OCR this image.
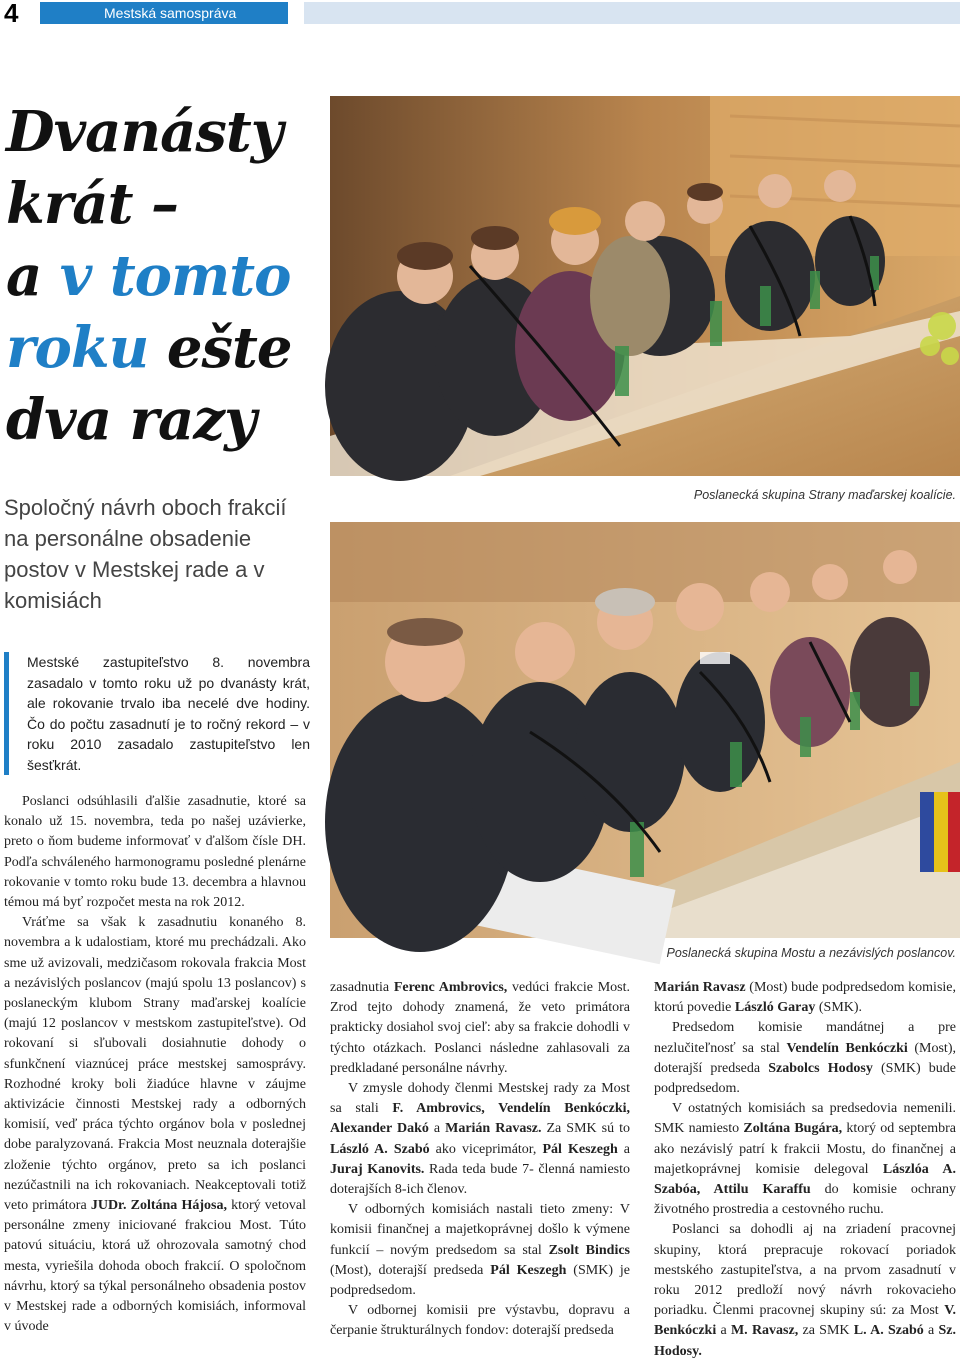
4	Mestská samospráva
Dvanásty
krát –
a v tomto
roku ešte
dva razy
Spoločný návrh oboch frakcií na personálne obsadenie postov v Mestskej rade a v komisiách
Poslanecká skupina Strany maďarskej koalície.
Poslanecká skupina Mostu a nezávislých poslancov.
Mestské zastupiteľstvo 8. novembra zasadalo v tomto roku už po dvanásty krát, ale rokovanie trvalo iba necelé dve hodiny. Čo do počtu zasadnutí je to ročný rekord – v roku 2010 zasadalo zastupiteľstvo len šesťkrát.

Poslanci odsúhlasili ďalšie zasadnutie, ktoré sa konalo už 15. novembra, teda po našej uzávierke, preto o ňom budeme informovať v ďalšom čísle DH. Podľa schváleného harmonogramu posledné plenárne rokovanie v tomto roku bude 13. decembra a hlavnou témou má byť rozpočet mesta na rok 2012.

Vráťme sa však k zasadnutiu konaného 8. novembra a k udalostiam, ktoré mu prechádzali. Ako sme už avizovali, medzičasom rokovala frakcia Most a nezávislých poslancov (majú spolu 13 poslancov) s poslaneckým klubom Strany maďarskej koalície (majú 12 poslancov v mestskom zastupiteľstve). Od rokovaní si sľubovali dosiahnutie dohody o sfunkčnení viaznúcej práce mestskej samosprávy. Rozhodné kroky boli žiadúce hlavne v záujme aktivizácie činnosti Mestskej rady a odborných komisií, veď práca týchto orgánov bola v poslednej dobe paralyzovaná. Frakcia Most neuznala doterajšie zloženie týchto orgánov, preto sa ich poslanci nezúčastnili na ich rokovaniach. Neakceptovali totiž veto primátora JUDr. Zoltána Hájosa, ktorý vetoval personálne zmeny iniciované frakciou Most. Túto patovú situáciu, ktorá už ohrozovala samotný chod mesta, vyriešila dohoda oboch frakcií. O spoločnom návrhu, ktorý sa týkal personálneho obsadenia postov v Mestskej rade a odborných komisiách, informoval v úvode

zasadnutia Ferenc Ambrovics, vedúci frakcie Most. Zrod tejto dohody znamená, že veto primátora prakticky dosiahol svoj cieľ: aby sa frakcie dohodli v týchto otázkach. Poslanci následne zahlasovali za predkladané personálne návrhy.

V zmysle dohody členmi Mestskej rady za Most sa stali F. Ambrovics, Vendelín Benkóczki, Alexander Dakó a Marián Ravasz. Za SMK sú to László A. Szabó ako viceprimátor, Pál Keszegh a Juraj Kanovits. Rada teda bude 7- členná namiesto doterajších 8-ich členov.

V odborných komisiách nastali tieto zmeny: V komisii finančnej a majetkoprávnej došlo k výmene funkcií – novým predsedom sa stal Zsolt Bindics (Most), doterajší predseda Pál Keszegh (SMK) je podpredsedom.

V odbornej komisii pre výstavbu, dopravu a čerpanie štrukturálnych fondov: doterajší predseda

Marián Ravasz (Most) bude podpredsedom komisie, ktorú povedie László Garay (SMK).

Predsedom komisie mandátnej a pre nezlučiteľnosť sa stal Vendelín Benkóczki (Most), doterajší predseda Szabolcs Hodosy (SMK) bude podpredsedom.

V ostatných komisiách sa predsedovia nemenili. SMK namiesto Zoltána Bugára, ktorý od septembra ako nezávislý patrí k frakcii Mostu, do finančnej a majetkoprávnej komisie delegoval Lászlóa A. Szabóa, Attilu Karaffu do komisie ochrany životného prostredia a cestovného ruchu.

Poslanci sa dohodli aj na zriadení pracovnej skupiny, ktorá prepracuje rokovací poriadok mestského zastupiteľstva, a na prvom zasadnutí v roku 2012 predloží nový návrh rokovacieho poriadku. Členmi pracovnej skupiny sú: za Most V. Benkóczki a M. Ravasz, za SMK L. A. Szabó a Sz. Hodosy.
